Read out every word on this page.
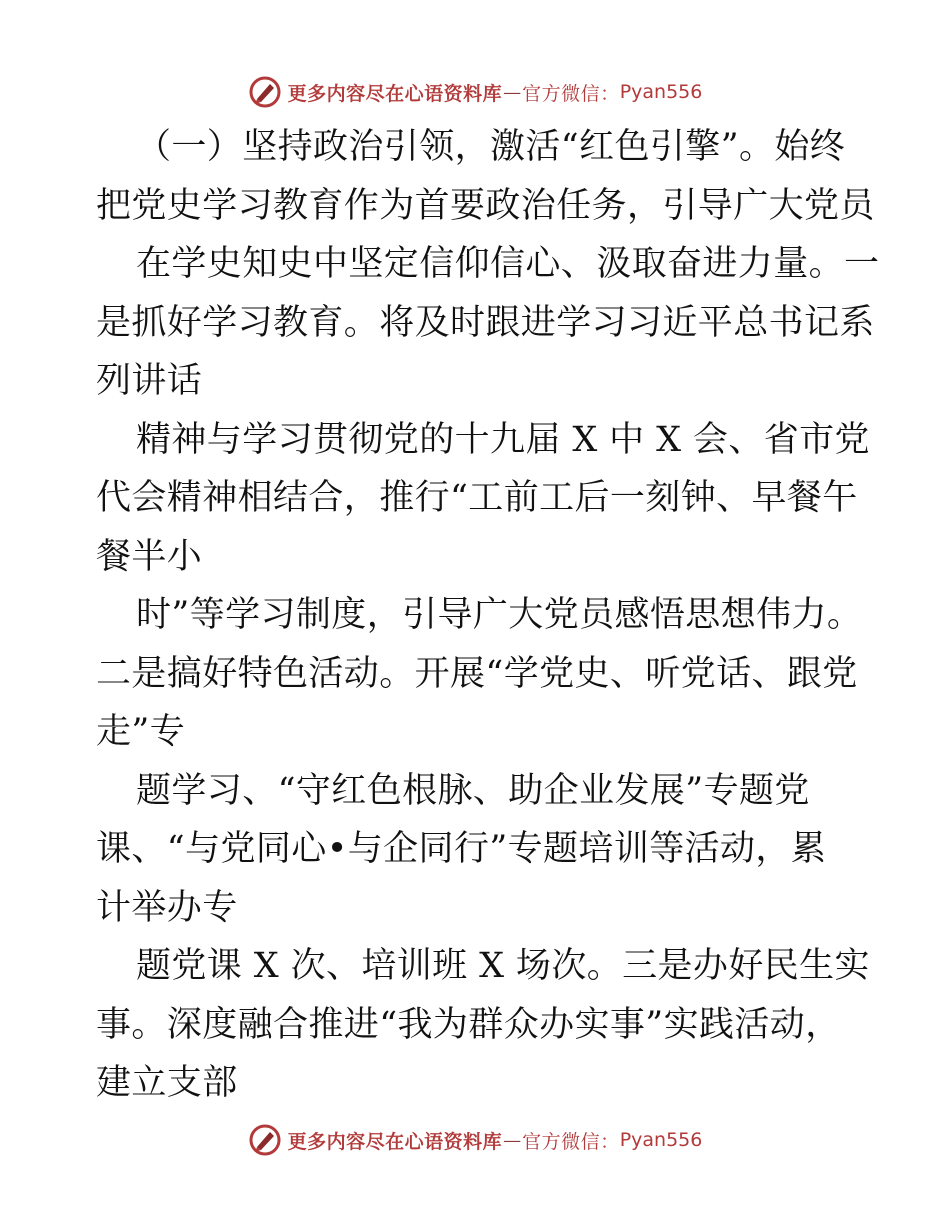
更多内容尽在心语资料库 — 官方微信： Pyan556
（一）坚持政治引领，激活“红色引擎”。始终
把党史学习教育作为首要政治任务，引导广大党员
在学史知史中坚定信仰信心、汲取奋进力量。一
是抓好学习教育。将及时跟进学习习近平总书记系
列讲话
精神与学习贯彻党的十九届 X 中 X 会、省市党
代会精神相结合，推行“工前工后一刻钟、早餐午
餐半小
时”等学习制度，引导广大党员感悟思想伟力。
二是搞好特色活动。开展“学党史、听党话、跟党
走”专
题学习、“守红色根脉、助企业发展”专题党
课、“与党同心•与企同行”专题培训等活动，累
计举办专
题党课 X 次、培训班 X 场次。三是办好民生实
事。深度融合推进“我为群众办实事”实践活动，
建立支部
更多内容尽在心语资料库 — 官方微信： Pyan556
